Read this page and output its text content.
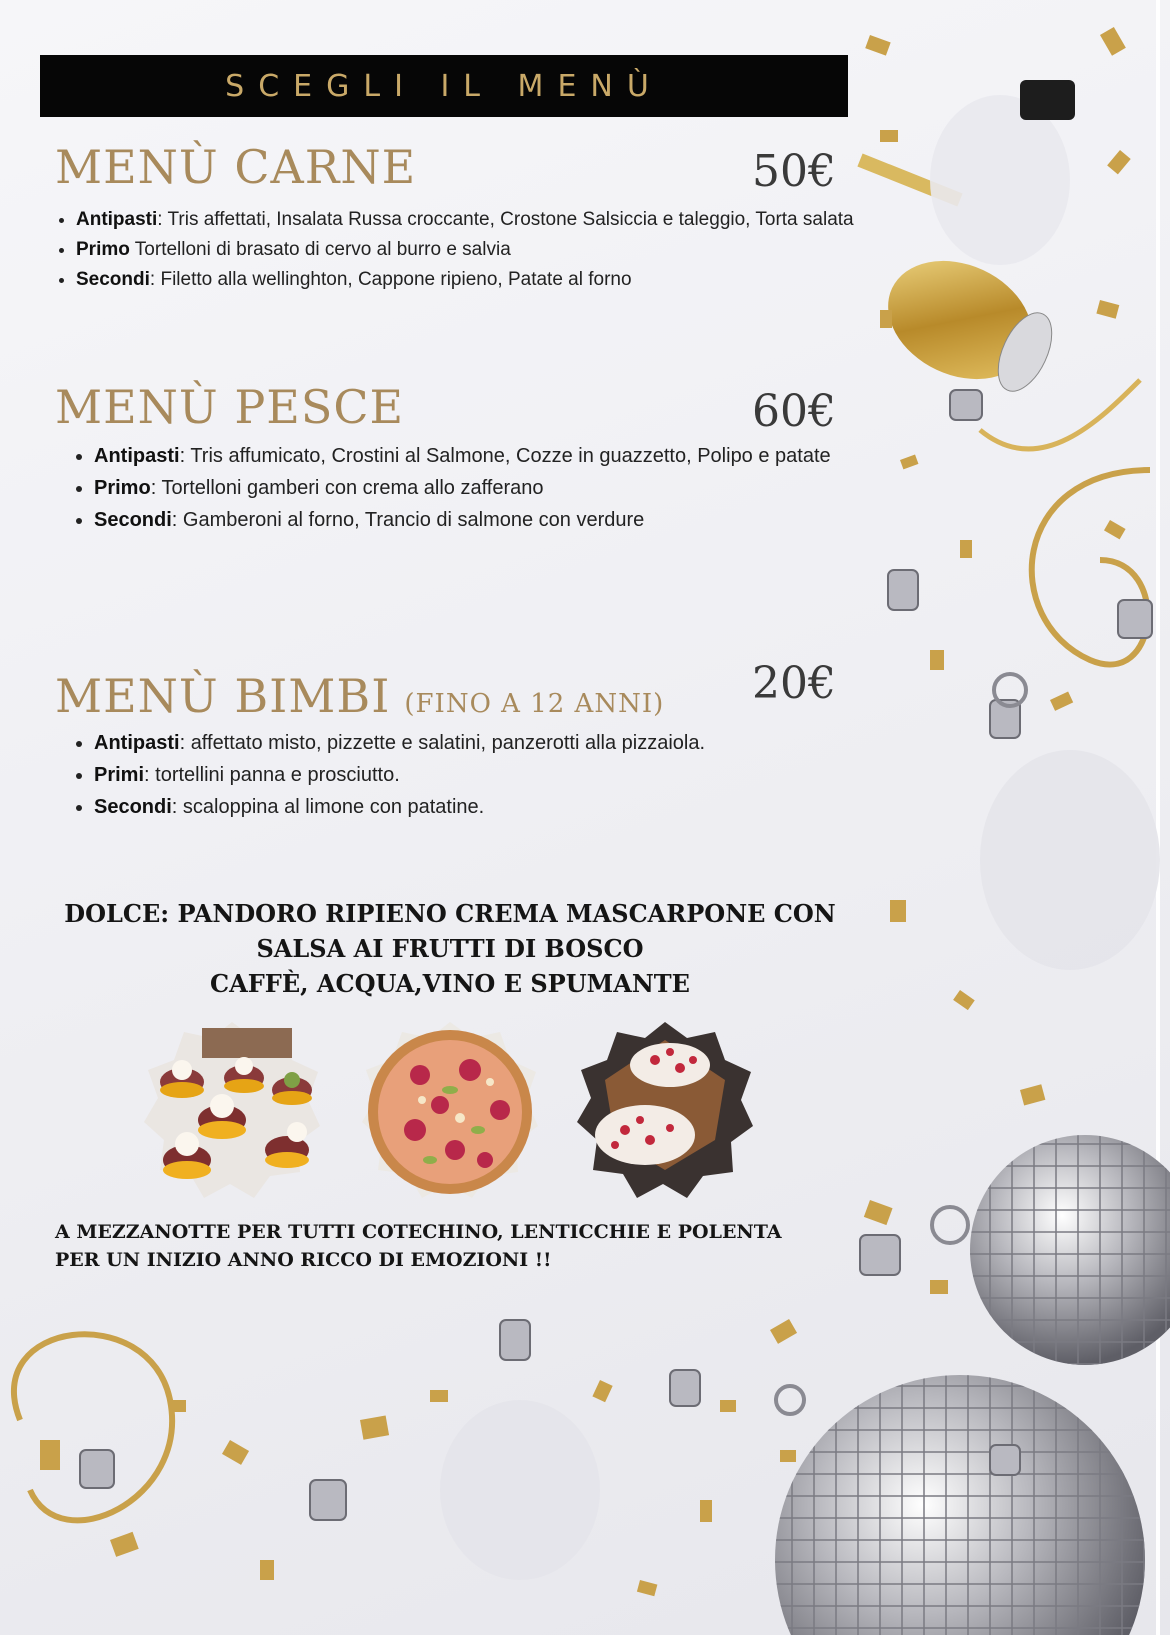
SCEGLI IL MENÙ
MENÙ CARNE	50€
• Antipasti: Tris affettati, Insalata Russa croccante, Crostone Salsiccia e taleggio, Torta salata
• Primo Tortelloni di brasato di cervo al burro e salvia
• Secondi: Filetto alla wellinghton, Cappone ripieno, Patate al forno
MENÙ PESCE	60€
• Antipasti: Tris affumicato, Crostini al Salmone, Cozze in guazzetto, Polipo e patate
• Primo: Tortelloni gamberi con crema allo zafferano
• Secondi: Gamberoni al forno, Trancio di salmone con verdure
MENÙ BIMBI (FINO A 12 ANNI) 20€
• Antipasti: affettato misto, pizzette e salatini, panzerotti alla pizzaiola.
• Primi: tortellini panna e prosciutto.
• Secondi: scaloppina al limone con patatine.
DOLCE: PANDORO RIPIENO CREMA MASCARPONE CON
SALSA AI FRUTTI DI BOSCO
CAFFÈ, ACQUA,VINO E SPUMANTE
A MEZZANOTTE PER TUTTI COTECHINO, LENTICCHIE E POLENTA
PER UN INIZIO ANNO RICCO DI EMOZIONI !!
